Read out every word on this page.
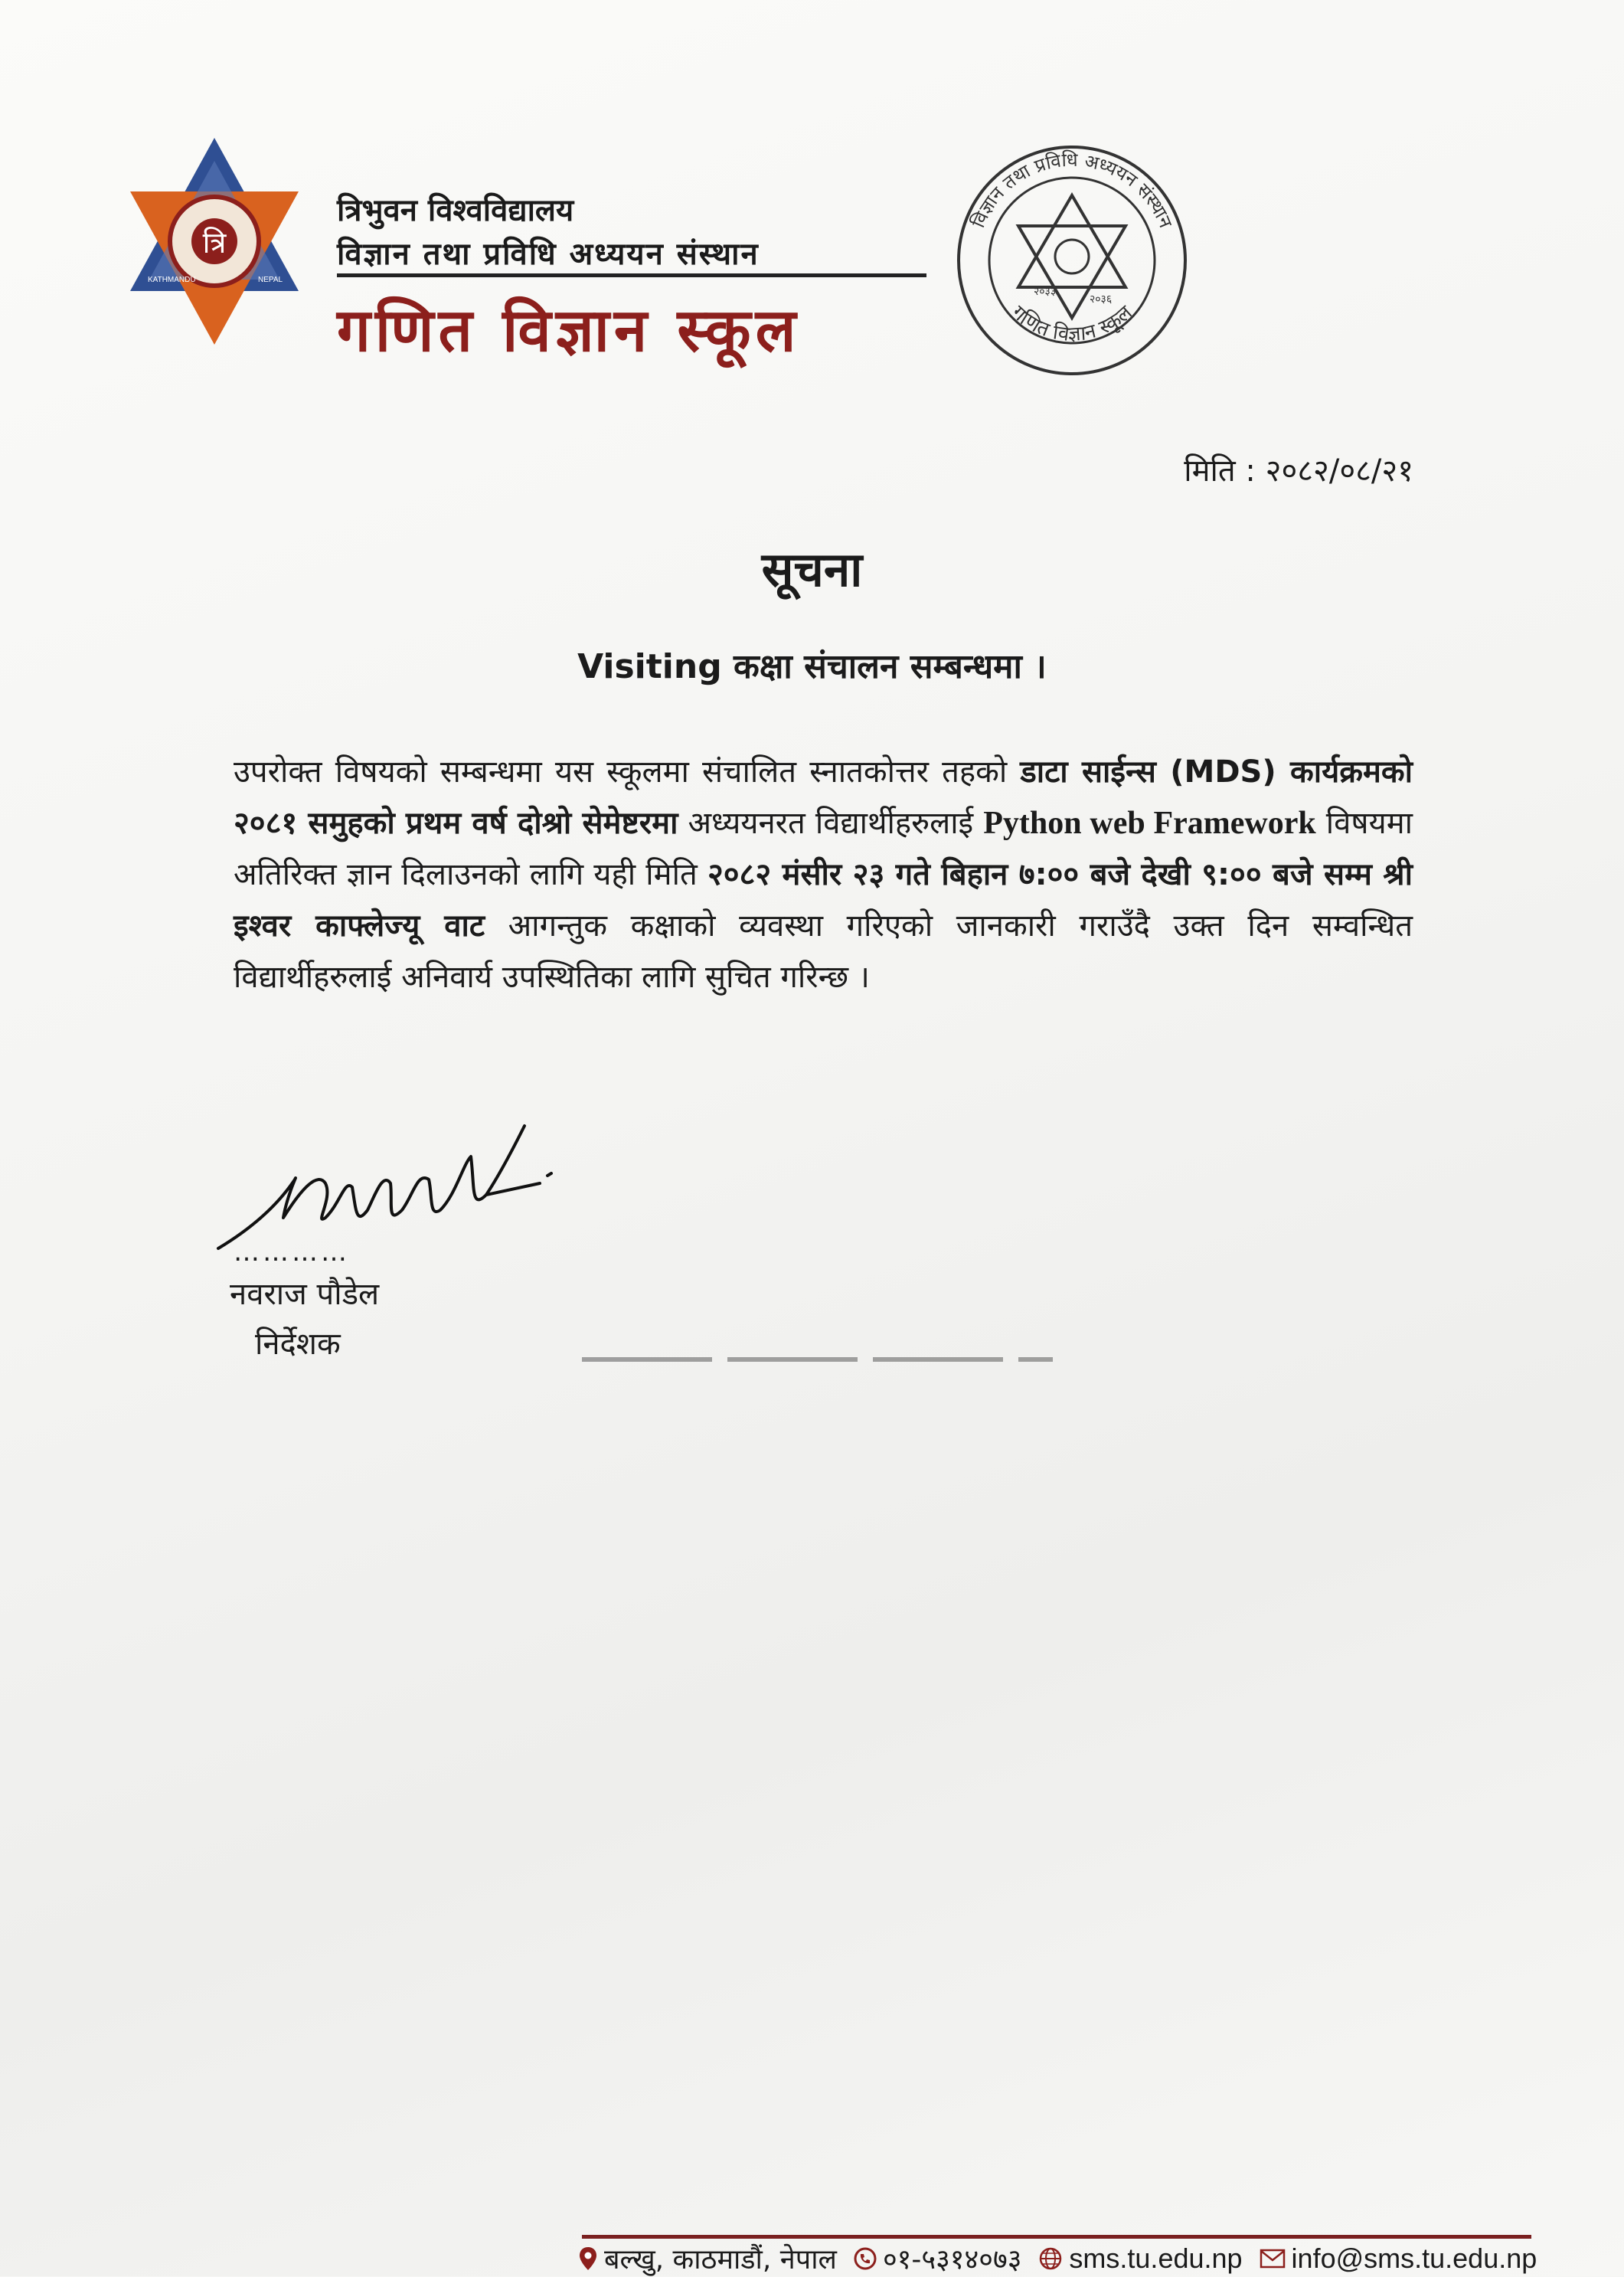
त्रि
KATHMANDU	NEPAL
त्रिभुवन विश्वविद्यालय
विज्ञान तथा प्रविधि अध्ययन संस्थान
गणित विज्ञान स्कूल
विज्ञान तथा प्रविधि अध्ययन संस्थान
गणित विज्ञान स्कूल
२०३३
२०३६
मिति : २०८२/०८/२१
सूचना
Visiting कक्षा संचालन सम्बन्धमा ।
उपरोक्त विषयको सम्बन्धमा यस स्कूलमा संचालित स्नातकोत्तर तहको डाटा साईन्स (MDS) कार्यक्रमको २०८१ समुहको प्रथम वर्ष दोश्रो सेमेष्टरमा अध्ययनरत विद्यार्थीहरुलाई Python web Framework विषयमा अतिरिक्त ज्ञान दिलाउनको लागि यही मिति २०८२ मंसीर २३ गते बिहान ७:०० बजे देखी ९:०० बजे सम्म श्री इश्वर काफ्लेज्यू वाट आगन्तुक कक्षाको व्यवस्था गरिएको जानकारी गराउँदै उक्त दिन सम्वन्धित विद्यार्थीहरुलाई अनिवार्य उपस्थितिका लागि सुचित गरिन्छ ।
…………
नवराज पौडेल
निर्देशक
बल्खु, काठमाडौं, नेपाल ०१-५३१४०७३ sms.tu.edu.np info@sms.tu.edu.np
